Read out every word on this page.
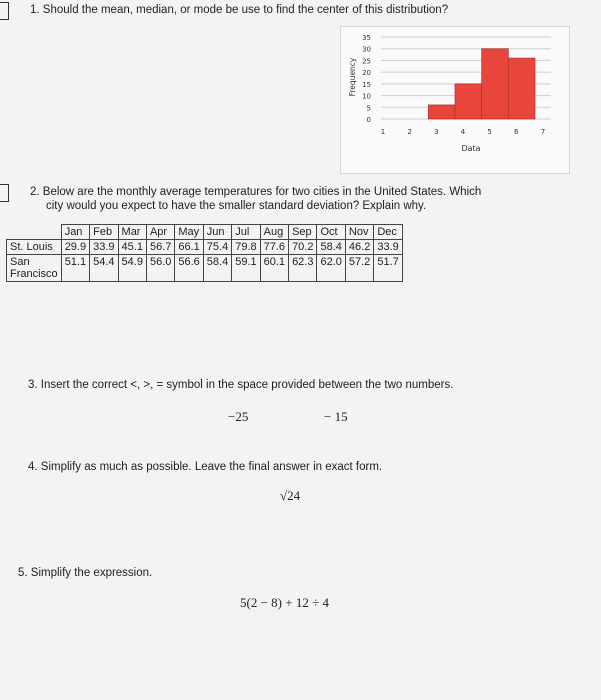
1. Should the mean, median, or mode be use to find the center of this distribution?
35
30
25
20
15
10
5
0
Frequency
1	2	3	4	5	6	7
Data
2. Below are the monthly average temperatures for two cities in the United States. Which
city would you expect to have the smaller standard deviation? Explain why.
	Jan	Feb	Mar	Apr	May	Jun	Jul	Aug	Sep	Oct	Nov	Dec
St. Louis	29.9	33.9	45.1	56.7	66.1	75.4	79.8	77.6	70.2	58.4	46.2	33.9

San
Francisco	51.1	54.4	54.9	56.0	56.6	58.4	59.1	60.1	62.3	62.0	57.2	51.7
3. Insert the correct <, >, = symbol in the space provided between the two numbers.
−25	− 15
4. Simplify as much as possible. Leave the final answer in exact form.
√24
5. Simplify the expression.
5(2 − 8) + 12 ÷ 4
